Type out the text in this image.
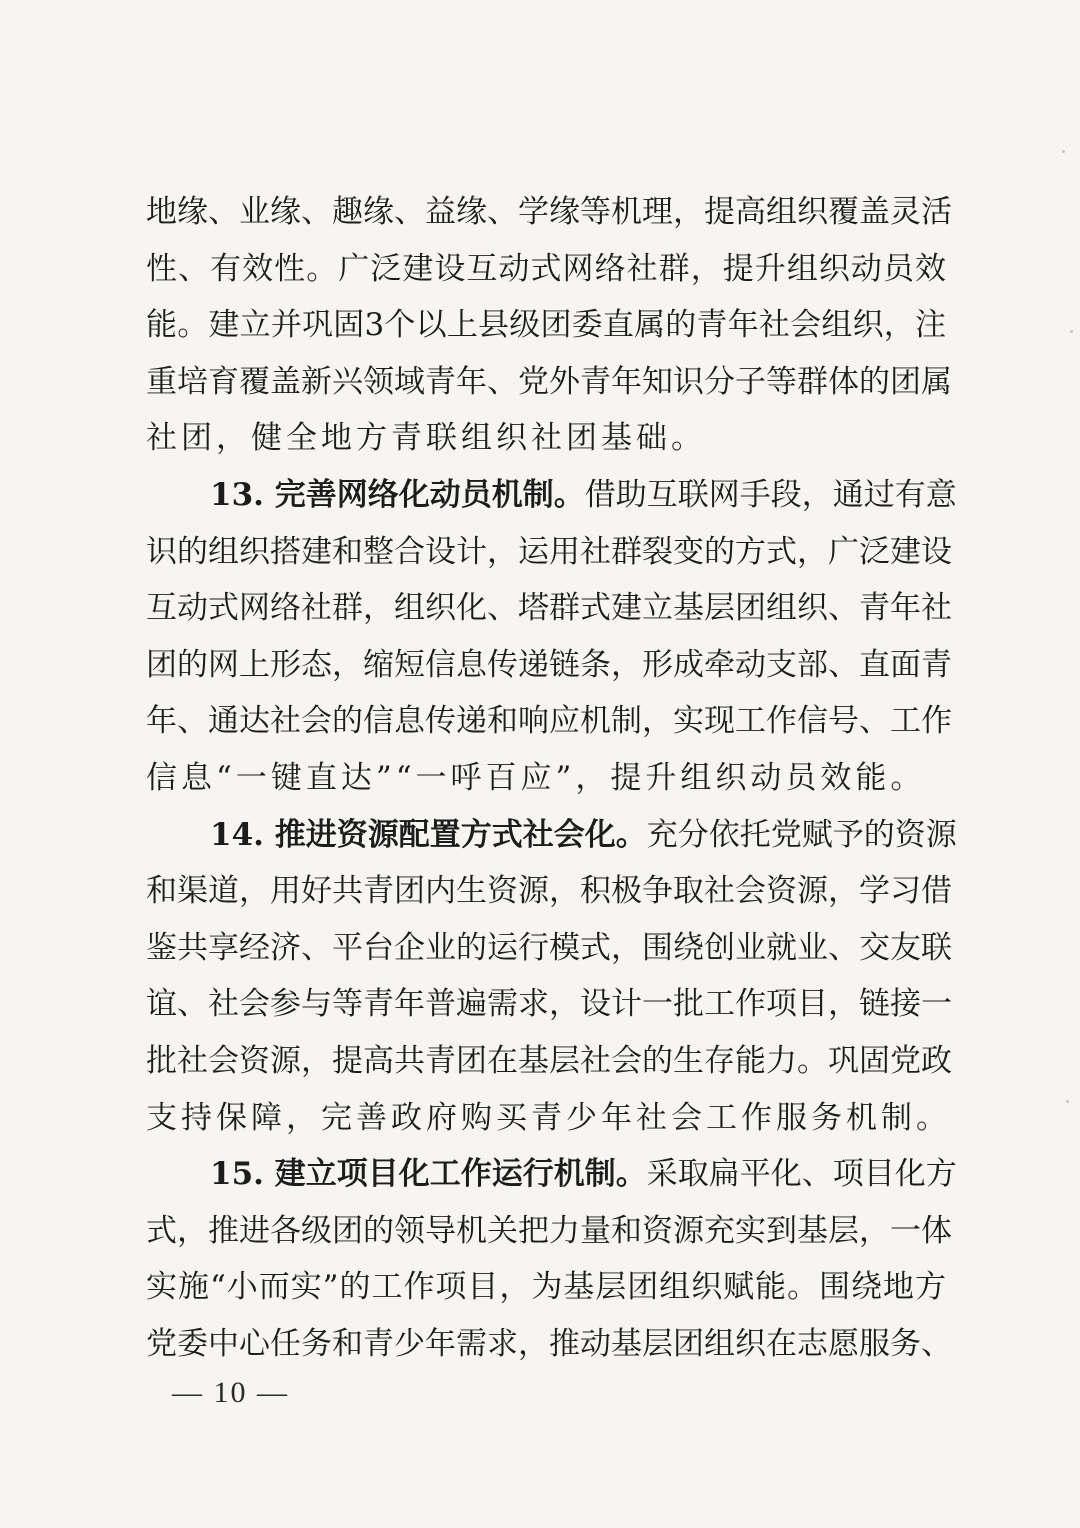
地缘、业缘、趣缘、益缘、学缘等机理，提高组织覆盖灵活
性、有效性。广泛建设互动式网络社群，提升组织动员效
能。建立并巩固3个以上县级团委直属的青年社会组织，注
重培育覆盖新兴领域青年、党外青年知识分子等群体的团属
社团，健全地方青联组织社团基础。
13. 完善网络化动员机制。借助互联网手段，通过有意
识的组织搭建和整合设计，运用社群裂变的方式，广泛建设
互动式网络社群，组织化、塔群式建立基层团组织、青年社
团的网上形态，缩短信息传递链条，形成牵动支部、直面青
年、通达社会的信息传递和响应机制，实现工作信号、工作
信息“一键直达”“一呼百应”，提升组织动员效能。
14. 推进资源配置方式社会化。充分依托党赋予的资源
和渠道，用好共青团内生资源，积极争取社会资源，学习借
鉴共享经济、平台企业的运行模式，围绕创业就业、交友联
谊、社会参与等青年普遍需求，设计一批工作项目，链接一
批社会资源，提高共青团在基层社会的生存能力。巩固党政
支持保障，完善政府购买青少年社会工作服务机制。
15. 建立项目化工作运行机制。采取扁平化、项目化方
式，推进各级团的领导机关把力量和资源充实到基层，一体
实施“小而实”的工作项目，为基层团组织赋能。围绕地方
党委中心任务和青少年需求，推动基层团组织在志愿服务、
— 10 —
